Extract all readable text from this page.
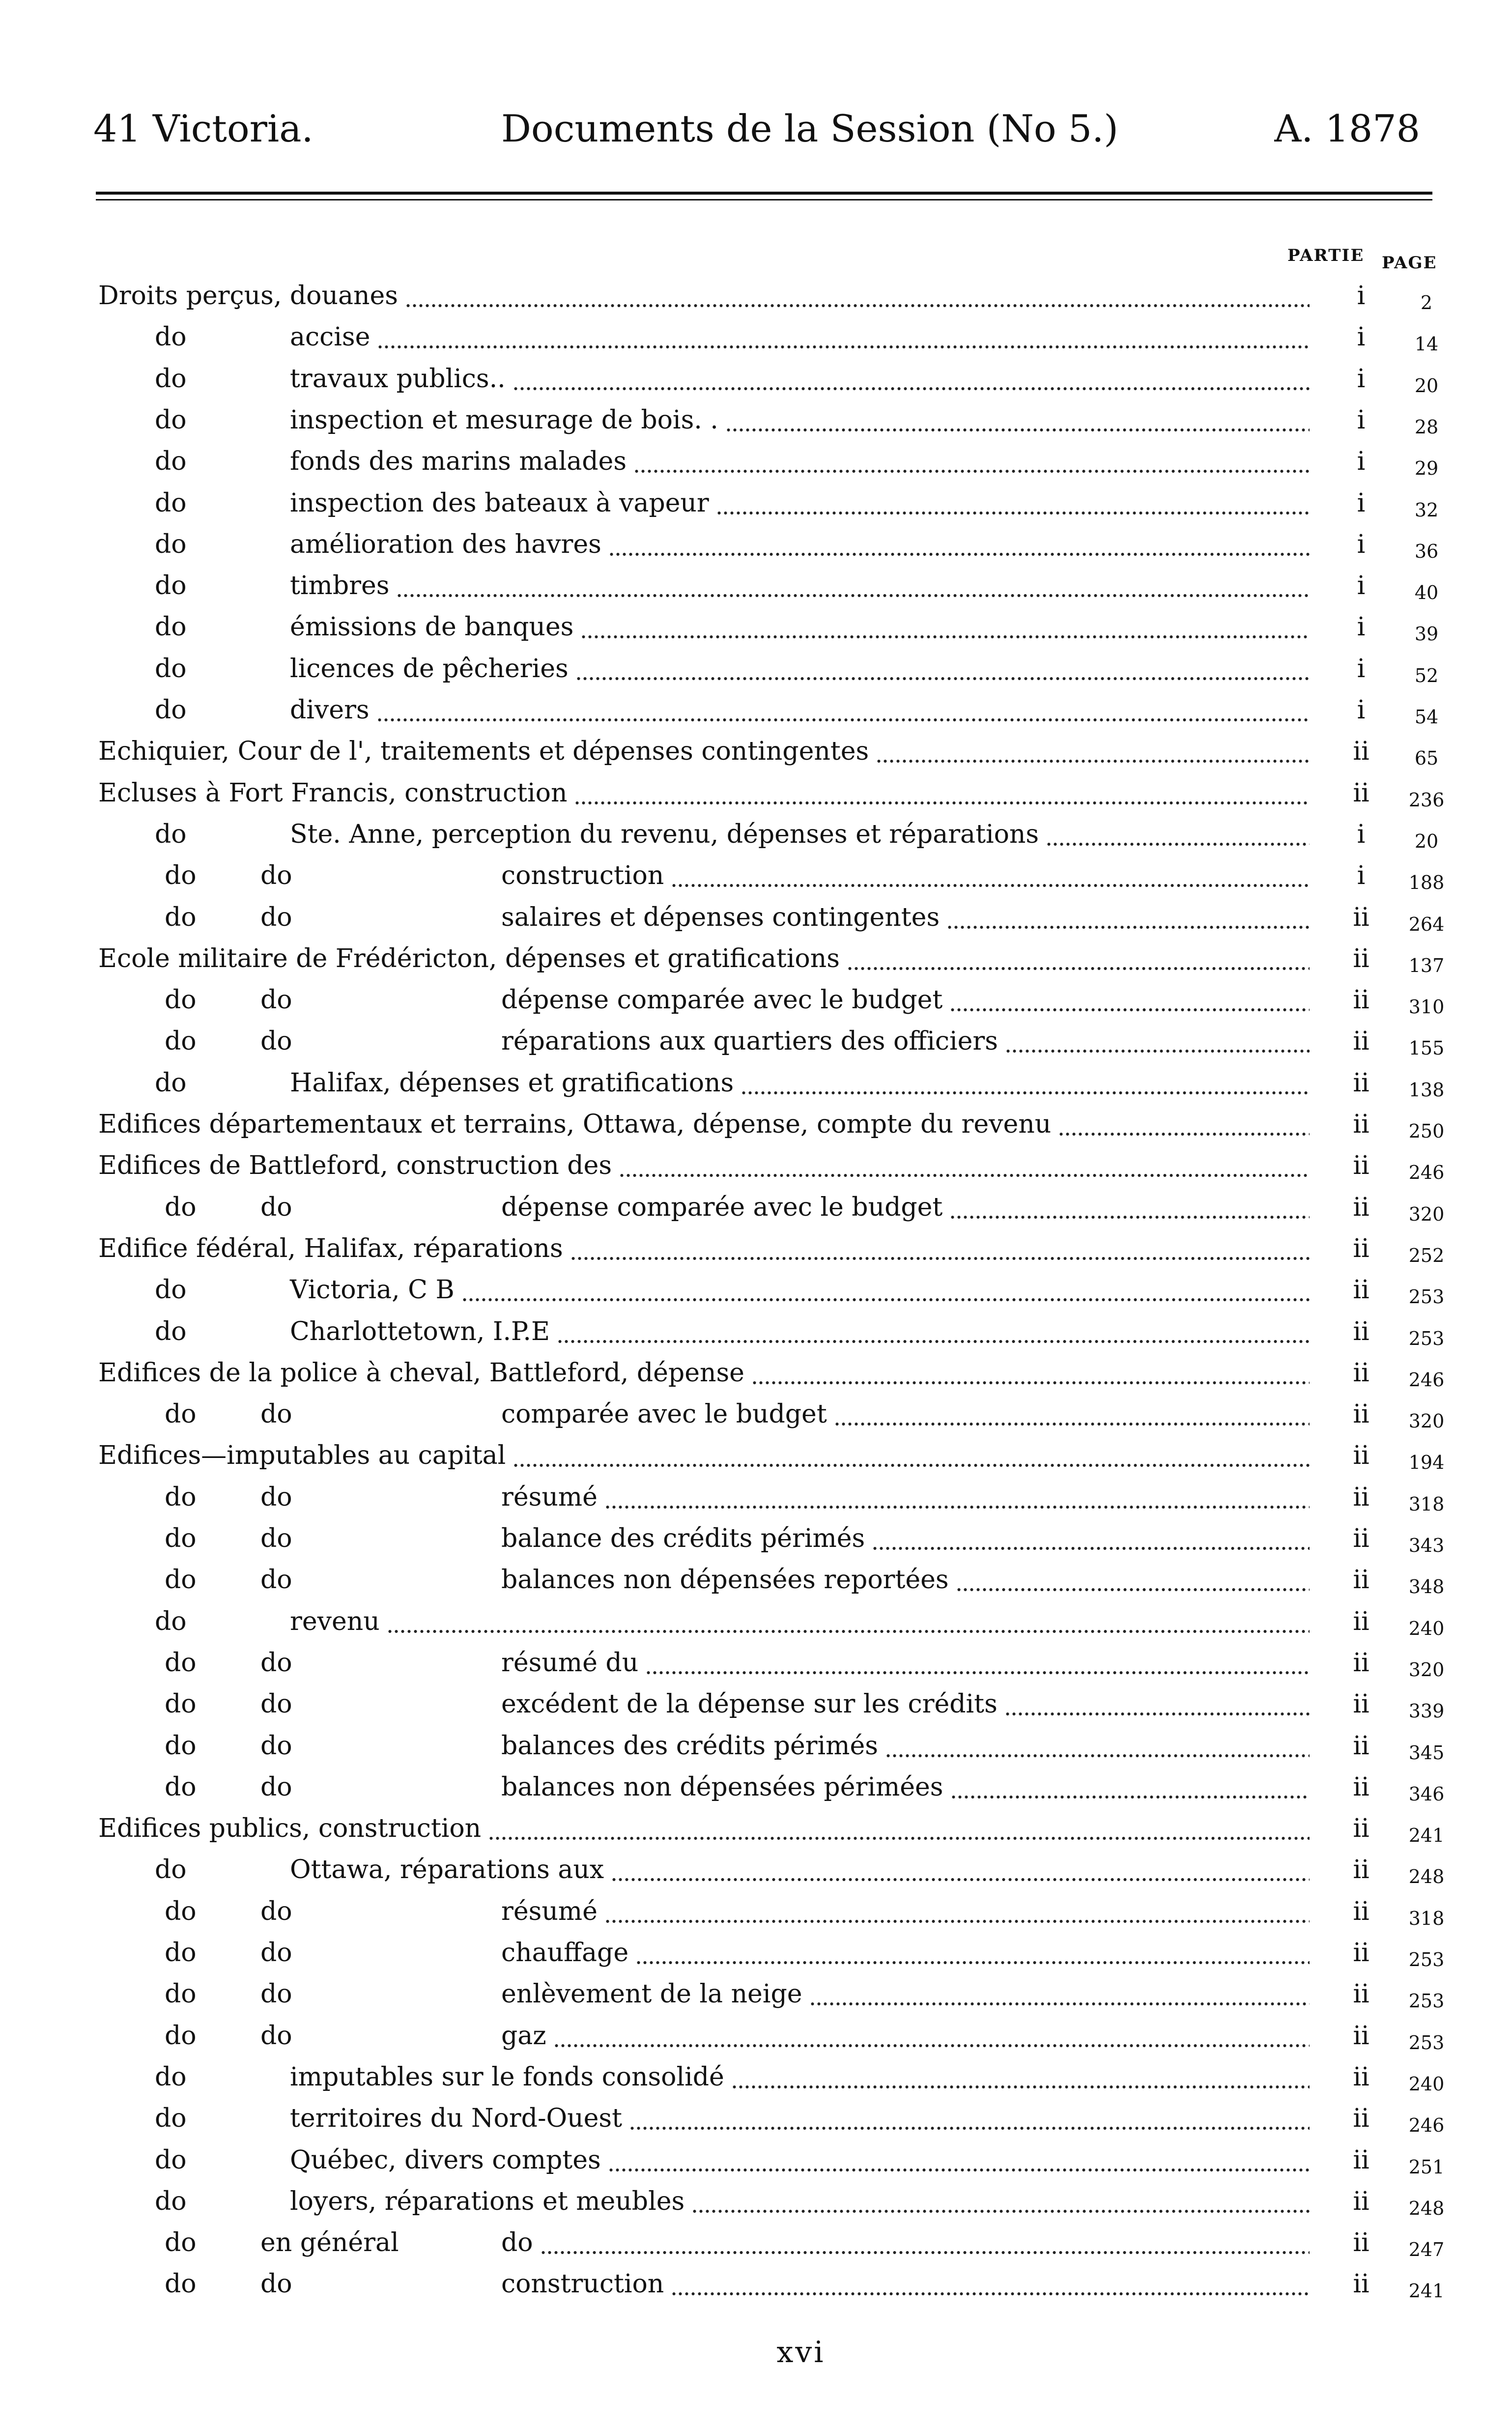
41 Victoria.	Documents de la Session (No 5.)	A. 1878
PARTIE PAGE
Droits perçus, douanes	i	2
do	accise	i	14
do	travaux publics..	i	20
do	inspection et mesurage de bois. .	i	28
do	fonds des marins malades	i	29
do	inspection des bateaux à vapeur	i	32
do	amélioration des havres	i	36
do	timbres	i	40
do	émissions de banques	i	39
do	licences de pêcheries	i	52
do	divers	i	54
Echiquier, Cour de l', traitements et dépenses contingentes	ii	65
Ecluses à Fort Francis, construction	ii	236
do	Ste. Anne, perception du revenu, dépenses et réparations	i	20
do	do	construction	i	188
do	do	salaires et dépenses contingentes	ii	264
Ecole militaire de Frédéricton, dépenses et gratifications	ii	137
do	do	dépense comparée avec le budget	ii	310
do	do	réparations aux quartiers des officiers	ii	155
do	Halifax, dépenses et gratifications	ii	138
Edifices départementaux et terrains, Ottawa, dépense, compte du revenu	ii	250
Edifices de Battleford, construction des	ii	246
do	do	dépense comparée avec le budget	ii	320
Edifice fédéral, Halifax, réparations	ii	252
do	Victoria, C B	ii	253
do	Charlottetown, I.P.E	ii	253
Edifices de la police à cheval, Battleford, dépense	ii	246
do	do	comparée avec le budget	ii	320
Edifices—imputables au capital	ii	194
do	do	résumé	ii	318
do	do	balance des crédits périmés	ii	343
do	do	balances non dépensées reportées	ii	348
do	revenu	ii	240
do	do	résumé du	ii	320
do	do	excédent de la dépense sur les crédits	ii	339
do	do	balances des crédits périmés	ii	345
do	do	balances non dépensées périmées	ii	346
Edifices publics, construction	ii	241
do	Ottawa, réparations aux	ii	248
do	do	résumé	ii	318
do	do	chauffage	ii	253
do	do	enlèvement de la neige	ii	253
do	do	gaz	ii	253
do	imputables sur le fonds consolidé	ii	240
do	territoires du Nord-Ouest	ii	246
do	Québec, divers comptes	ii	251
do	loyers, réparations et meubles	ii	248
do	en général	do	ii	247
do	do	construction	ii	241
xvi
